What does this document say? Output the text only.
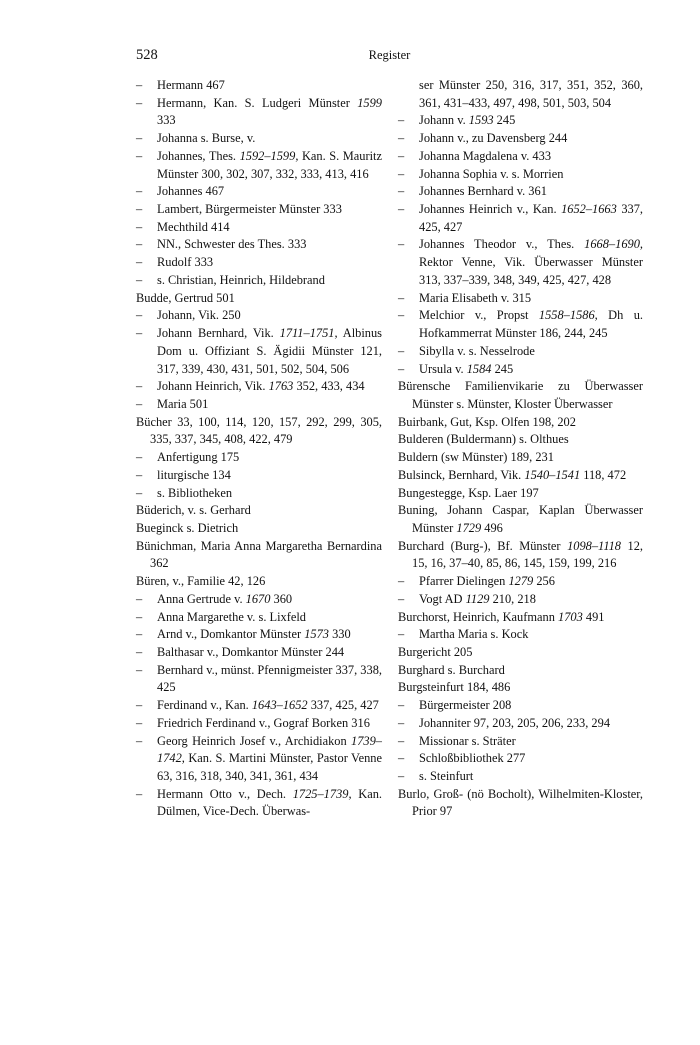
528	Register

– Hermann 467

– Hermann, Kan. S. Ludgeri Münster 1599 333

– Johanna s. Burse, v.

– Johannes, Thes. 1592–1599, Kan. S. Mauritz Münster 300, 302, 307, 332, 333, 413, 416

– Johannes 467

– Lambert, Bürgermeister Münster 333

– Mechthild 414

– NN., Schwester des Thes. 333

– Rudolf 333

– s. Christian, Heinrich, Hildebrand

Budde, Gertrud 501

– Johann, Vik. 250

– Johann Bernhard, Vik. 1711–1751, Albinus Dom u. Offiziant S. Ägidii Münster 121, 317, 339, 430, 431, 501, 502, 504, 506

– Johann Heinrich, Vik. 1763 352, 433, 434

– Maria 501

Bücher 33, 100, 114, 120, 157, 292, 299, 305, 335, 337, 345, 408, 422, 479

– Anfertigung 175

– liturgische 134

– s. Bibliotheken

Büderich, v. s. Gerhard

Bueginck s. Dietrich

Bünichman, Maria Anna Margaretha Bernardina 362

Büren, v., Familie 42, 126

– Anna Gertrude v. 1670 360

– Anna Margarethe v. s. Lixfeld

– Arnd v., Domkantor Münster 1573 330

– Balthasar v., Domkantor Münster 244

– Bernhard v., münst. Pfennigmeister 337, 338, 425

– Ferdinand v., Kan. 1643–1652 337, 425, 427

– Friedrich Ferdinand v., Gograf Borken 316

– Georg Heinrich Josef v., Archidiakon 1739–1742, Kan. S. Martini Münster, Pastor Venne 63, 316, 318, 340, 341, 361, 434

– Hermann Otto v., Dech. 1725–1739, Kan. Dülmen, Vice-Dech. Überwas-

ser Münster 250, 316, 317, 351, 352, 360, 361, 431–433, 497, 498, 501, 503, 504

– Johann v. 1593 245

– Johann v., zu Davensberg 244

– Johanna Magdalena v. 433

– Johanna Sophia v. s. Morrien

– Johannes Bernhard v. 361

– Johannes Heinrich v., Kan. 1652–1663 337, 425, 427

– Johannes Theodor v., Thes. 1668–1690, Rektor Venne, Vik. Überwasser Münster 313, 337–339, 348, 349, 425, 427, 428

– Maria Elisabeth v. 315

– Melchior v., Propst 1558–1586, Dh u. Hofkammerrat Münster 186, 244, 245

– Sibylla v. s. Nesselrode

– Ursula v. 1584 245

Bürensche Familienvikarie zu Überwasser Münster s. Münster, Kloster Überwasser

Buirbank, Gut, Ksp. Olfen 198, 202

Bulderen (Buldermann) s. Olthues

Buldern (sw Münster) 189, 231

Bulsinck, Bernhard, Vik. 1540–1541 118, 472

Bungestegge, Ksp. Laer 197

Buning, Johann Caspar, Kaplan Überwasser Münster 1729 496

Burchard (Burg-), Bf. Münster 1098–1118 12, 15, 16, 37–40, 85, 86, 145, 159, 199, 216

– Pfarrer Dielingen 1279 256

– Vogt AD 1129 210, 218

Burchorst, Heinrich, Kaufmann 1703 491

– Martha Maria s. Kock

Burgericht 205

Burghard s. Burchard

Burgsteinfurt 184, 486

– Bürgermeister 208

– Johanniter 97, 203, 205, 206, 233, 294

– Missionar s. Sträter

– Schloßbibliothek 277

– s. Steinfurt

Burlo, Groß- (nö Bocholt), Wilhelmiten-Kloster, Prior 97
